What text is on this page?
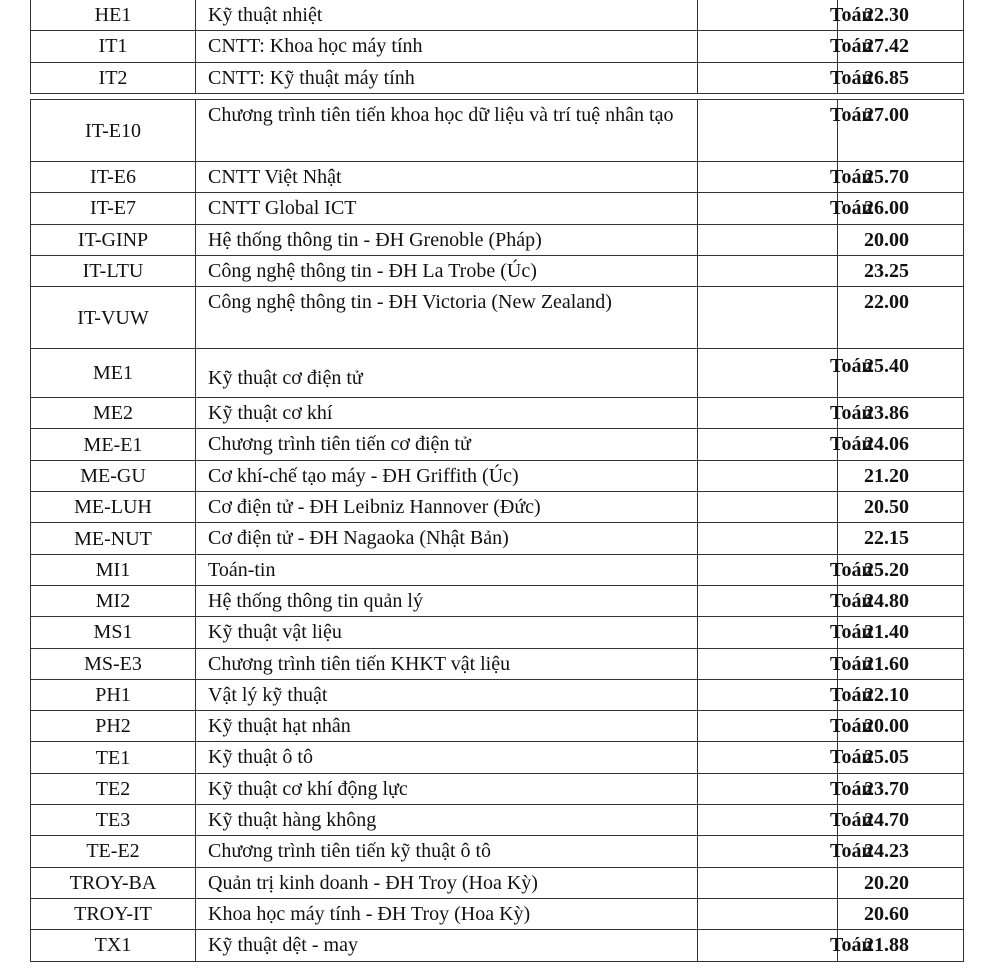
HE1	Kỹ thuật nhiệt	Toán	22.30
IT1	CNTT: Khoa học máy tính	Toán	27.42
IT2	CNTT: Kỹ thuật máy tính	Toán	26.85
IT-E10	Chương trình tiên tiến khoa học dữ liệu và trí tuệ nhân tạo	Toán	27.00
IT-E6	CNTT Việt Nhật	Toán	25.70
IT-E7	CNTT Global ICT	Toán	26.00
IT-GINP	Hệ thống thông tin - ĐH Grenoble (Pháp)		20.00
IT-LTU	Công nghệ thông tin - ĐH La Trobe (Úc)		23.25
IT-VUW	Công nghệ thông tin - ĐH Victoria (New Zealand)		22.00
ME1	Kỹ thuật cơ điện tử	Toán	25.40
ME2	Kỹ thuật cơ khí	Toán	23.86
ME-E1	Chương trình tiên tiến cơ điện tử	Toán	24.06
ME-GU	Cơ khí-chế tạo máy - ĐH Griffith (Úc)		21.20
ME-LUH	Cơ điện tử - ĐH Leibniz Hannover (Đức)		20.50
ME-NUT	Cơ điện tử - ĐH Nagaoka (Nhật Bản)		22.15
MI1	Toán-tin	Toán	25.20
MI2	Hệ thống thông tin quản lý	Toán	24.80
MS1	Kỹ thuật vật liệu	Toán	21.40
MS-E3	Chương trình tiên tiến KHKT vật liệu	Toán	21.60
PH1	Vật lý kỹ thuật	Toán	22.10
PH2	Kỹ thuật hạt nhân	Toán	20.00
TE1	Kỹ thuật ô tô	Toán	25.05
TE2	Kỹ thuật cơ khí động lực	Toán	23.70
TE3	Kỹ thuật hàng không	Toán	24.70
TE-E2	Chương trình tiên tiến kỹ thuật ô tô	Toán	24.23
TROY-BA	Quản trị kinh doanh - ĐH Troy (Hoa Kỳ)		20.20
TROY-IT	Khoa học máy tính - ĐH Troy (Hoa Kỳ)		20.60
TX1	Kỹ thuật dệt - may	Toán	21.88
